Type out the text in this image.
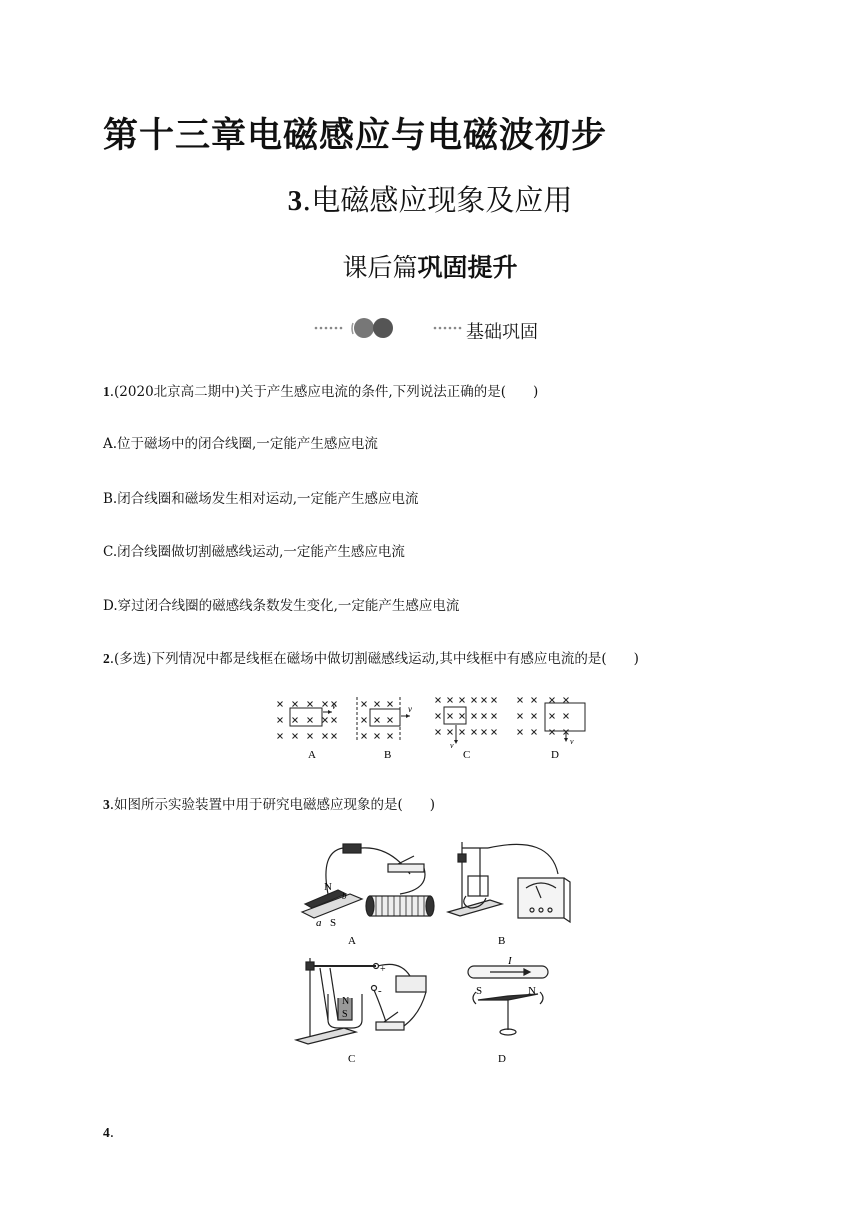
第十三章电磁感应与电磁波初步
3.电磁感应现象及应用
课后篇巩固提升
基础巩固
1.(2020北京高二期中)关于产生感应电流的条件,下列说法正确的是(　　)
A.位于磁场中的闭合线圈,一定能产生感应电流
B.闭合线圈和磁场发生相对运动,一定能产生感应电流
C.闭合线圈做切割磁感线运动,一定能产生感应电流
D.穿过闭合线圈的磁感线条数发生变化,一定能产生感应电流
2.(多选)下列情况中都是线框在磁场中做切割磁感线运动,其中线框中有感应电流的是(　　)
v	v
v	v
A	B	C	D
3.如图所示实验装置中用于研究电磁感应现象的是(　　)
N
b
a S
A	B
+
-
N
S
C
I
S	N
D
4.
